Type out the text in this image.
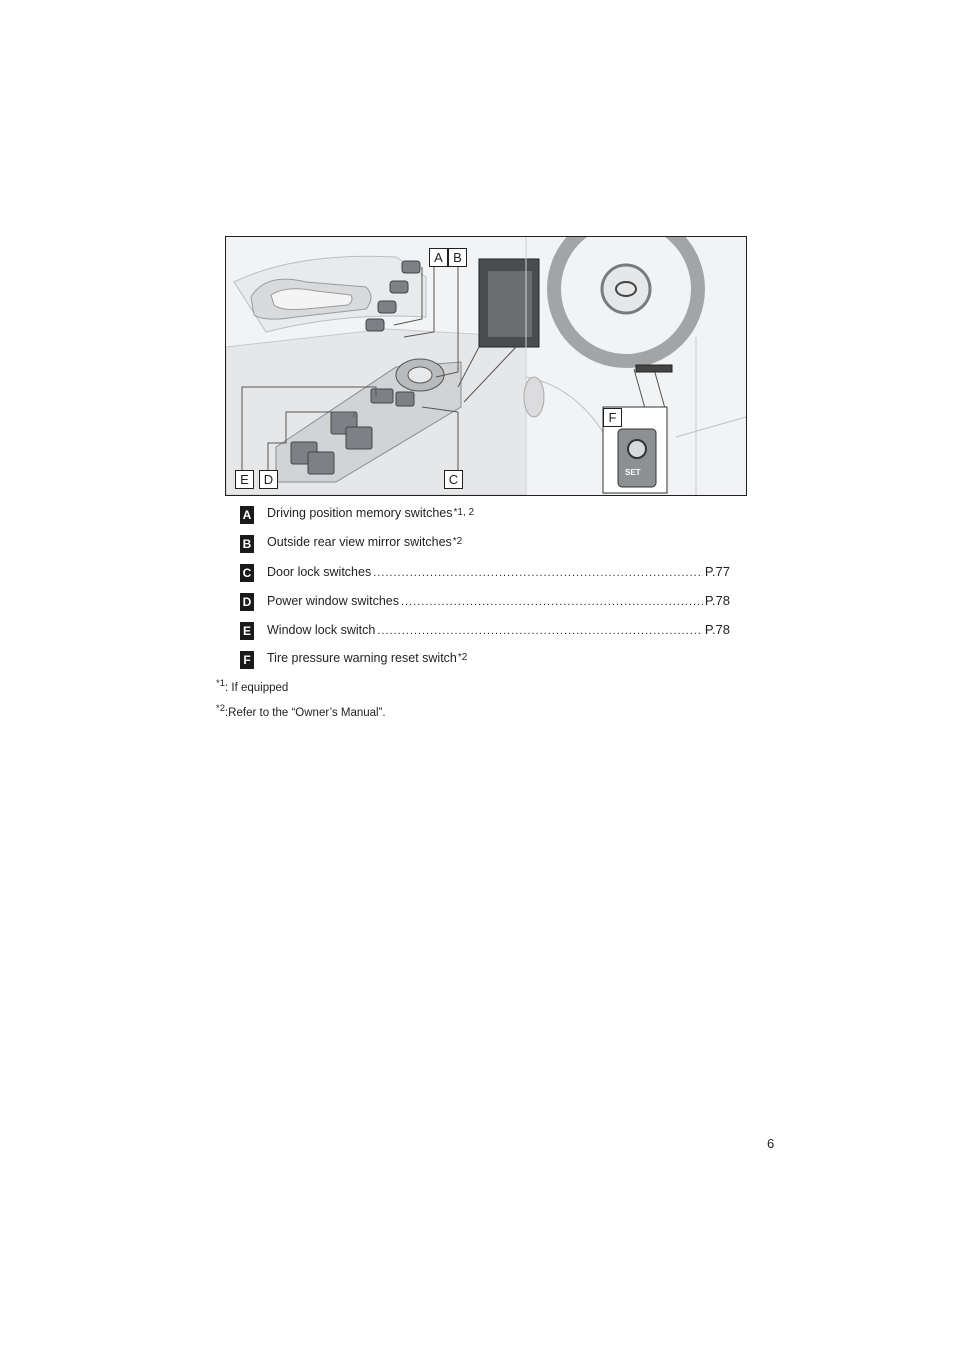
SET
A B
C
D
E
F
A Driving position memory switches$^{*1, 2}$
B Outside rear view mirror switches$^{*2}$
C Door lock switches .....	P.77
D Power window switches .....	P.78
E Window lock switch .....	P.78
F Tire pressure warning reset switch$^{*2}$
$^{*1}$: If equipped
$^{*2}$:Refer to the “Owner’s Manual”.
6
